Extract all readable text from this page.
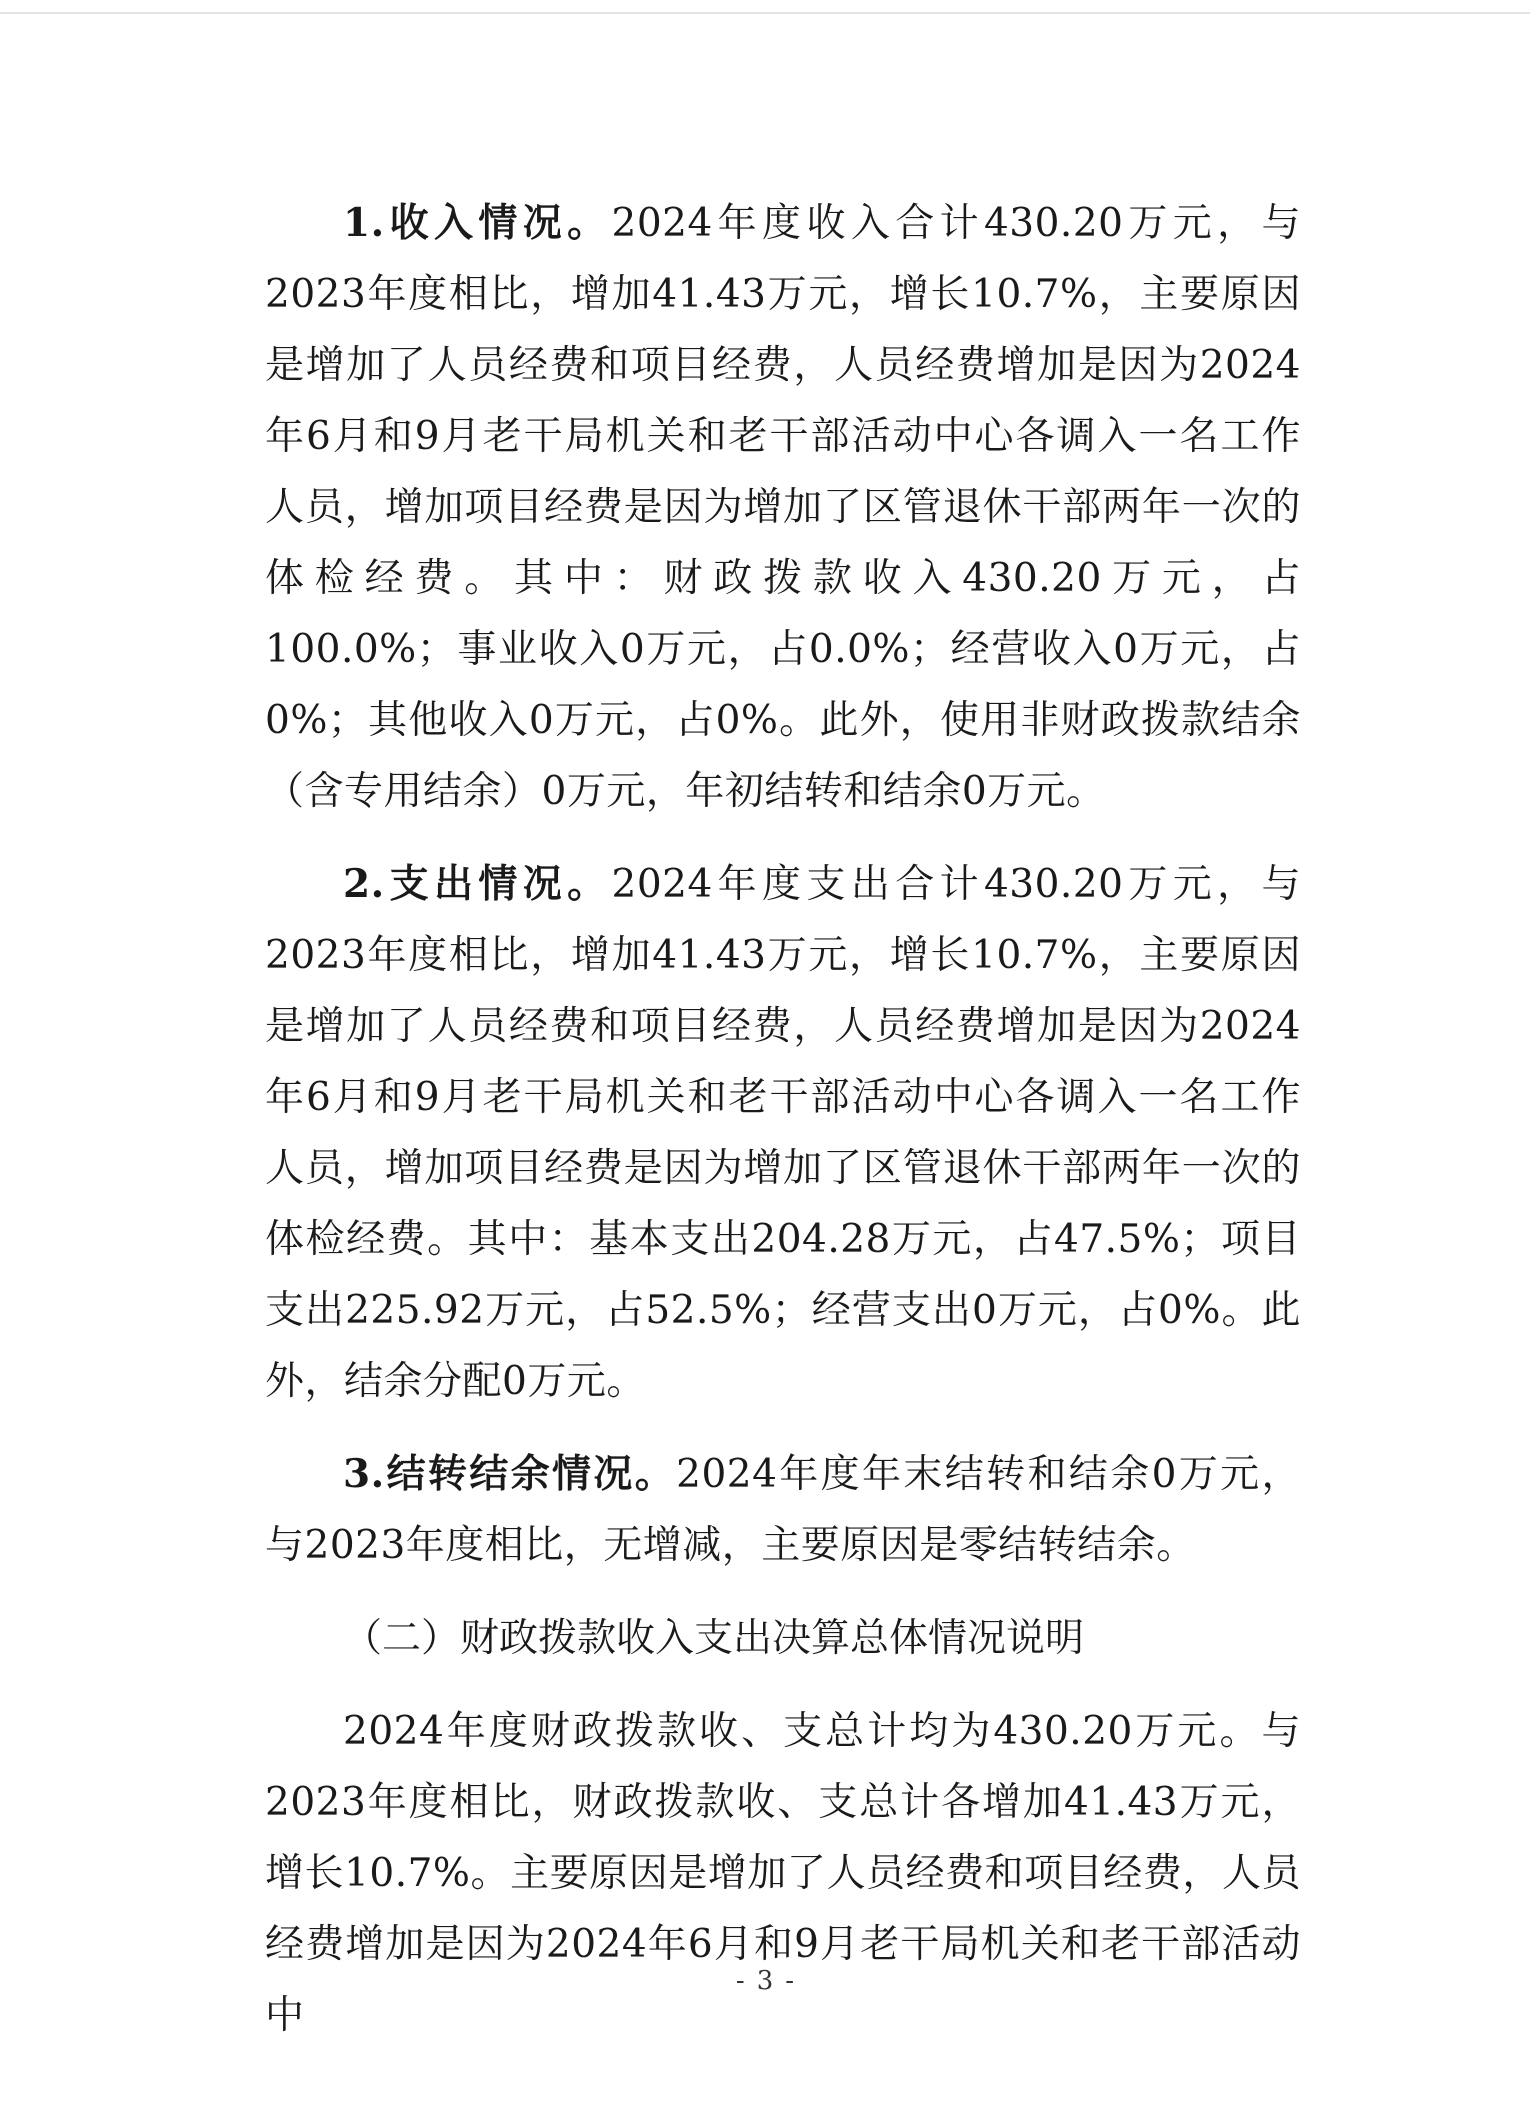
1.收入情况。2024年度收入合计430.20万元，与2023年度相比，增加41.43万元，增长10.7%，主要原因是增加了人员经费和项目经费，人员经费增加是因为2024年6月和9月老干局机关和老干部活动中心各调入一名工作人员，增加项目经费是因为增加了区管退休干部两年一次的体检经费。其中：财政拨款收入430.20万元，占100.0%；事业收入0万元，占0.0%；经营收入0万元，占0%；其他收入0万元，占0%。此外，使用非财政拨款结余（含专用结余）0万元，年初结转和结余0万元。

2.支出情况。2024年度支出合计430.20万元，与2023年度相比，增加41.43万元，增长10.7%，主要原因是增加了人员经费和项目经费，人员经费增加是因为2024年6月和9月老干局机关和老干部活动中心各调入一名工作人员，增加项目经费是因为增加了区管退休干部两年一次的体检经费。其中：基本支出204.28万元，占47.5%；项目支出225.92万元，占52.5%；经营支出0万元，占0%。此外，结余分配0万元。

3.结转结余情况。2024年度年末结转和结余0万元，与2023年度相比，无增减，主要原因是零结转结余。

（二）财政拨款收入支出决算总体情况说明

2024年度财政拨款收、支总计均为430.20万元。与2023年度相比，财政拨款收、支总计各增加41.43万元，增长10.7%。主要原因是增加了人员经费和项目经费，人员经费增加是因为2024年6月和9月老干局机关和老干部活动中

- 3 -
